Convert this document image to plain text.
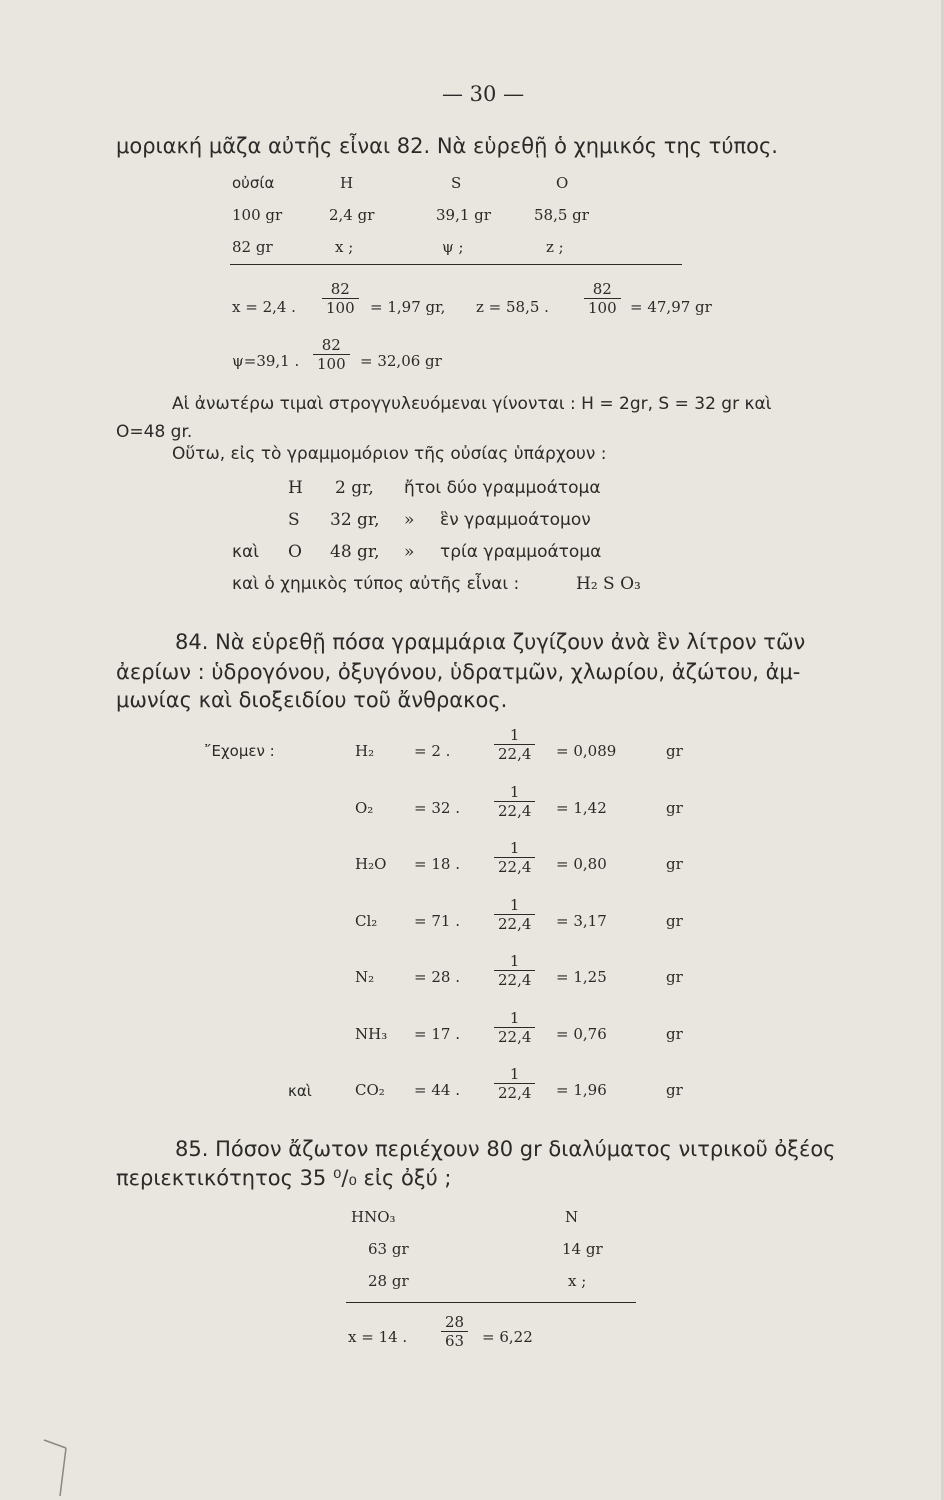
— 30 —
μοριακή μᾶζα αὐτῆς εἶναι 82. Νὰ εὑρεθῇ ὁ χημικός της τύπος.
οὐσία	H	S	O
100 gr	2,4 gr	39,1 gr	58,5 gr
82 gr	x ;	ψ ;	z ;
x = 2,4 . $\frac{82}{100} = 1,97$ gr, z = 58,5 . $\frac{82}{100} = 47,97$ gr
ψ=39,1 . $\frac{82}{100} = 32,06$ gr
Αἱ ἀνωτέρω τιμαὶ στρογγυλευόμεναι γίνονται : H = 2gr, S = 32 gr καὶ
O=48 gr.
Οὕτω, εἰς τὸ γραμμομόριον τῆς οὐσίας ὑπάρχουν :
H 2 gr, ἤτοι δύο γραμμοάτομα
S 32 gr, » ἓν γραμμοάτομον
καὶ O 48 gr, » τρία γραμμοάτομα
καὶ ὁ χημικὸς τύπος αὐτῆς εἶναι :	H₂ S O₃
84. Νὰ εὑρεθῇ πόσα γραμμάρια ζυγίζουν ἀνὰ ἓν λίτρον τῶν
ἀερίων : ὑδρογόνου, ὀξυγόνου, ὑδρατμῶν, χλωρίου, ἀζώτου, ἀμ-
μωνίας καὶ διοξειδίου τοῦ ἄνθρακος.
῎Εχομεν :
καὶ
H₂	= 2 .	$\frac{1}{22,4} = 0,089$	gr
O₂	= 32 . $\frac{1}{22,4} = 1,42$	gr
H₂O = 18 . $\frac{1}{22,4} = 0,80$	gr
Cl₂ = 71 . $\frac{1}{22,4} = 3,17$	gr
N₂	= 28 . $\frac{1}{22,4} = 1,25$	gr
NH₃ = 17 . $\frac{1}{22,4} = 0,76$	gr
CO₂ = 44 . $\frac{1}{22,4} = 1,96$	gr
85. Πόσον ἄζωτον περιέχουν 80 gr διαλύματος νιτρικοῦ ὀξέος
περιεκτικότητος 35 ⁰/₀ εἰς ὀξύ ;
HNO₃	N
63 gr	14 gr
28 gr	x ;
x = 14 . $\frac{28}{63} = 6,22$
